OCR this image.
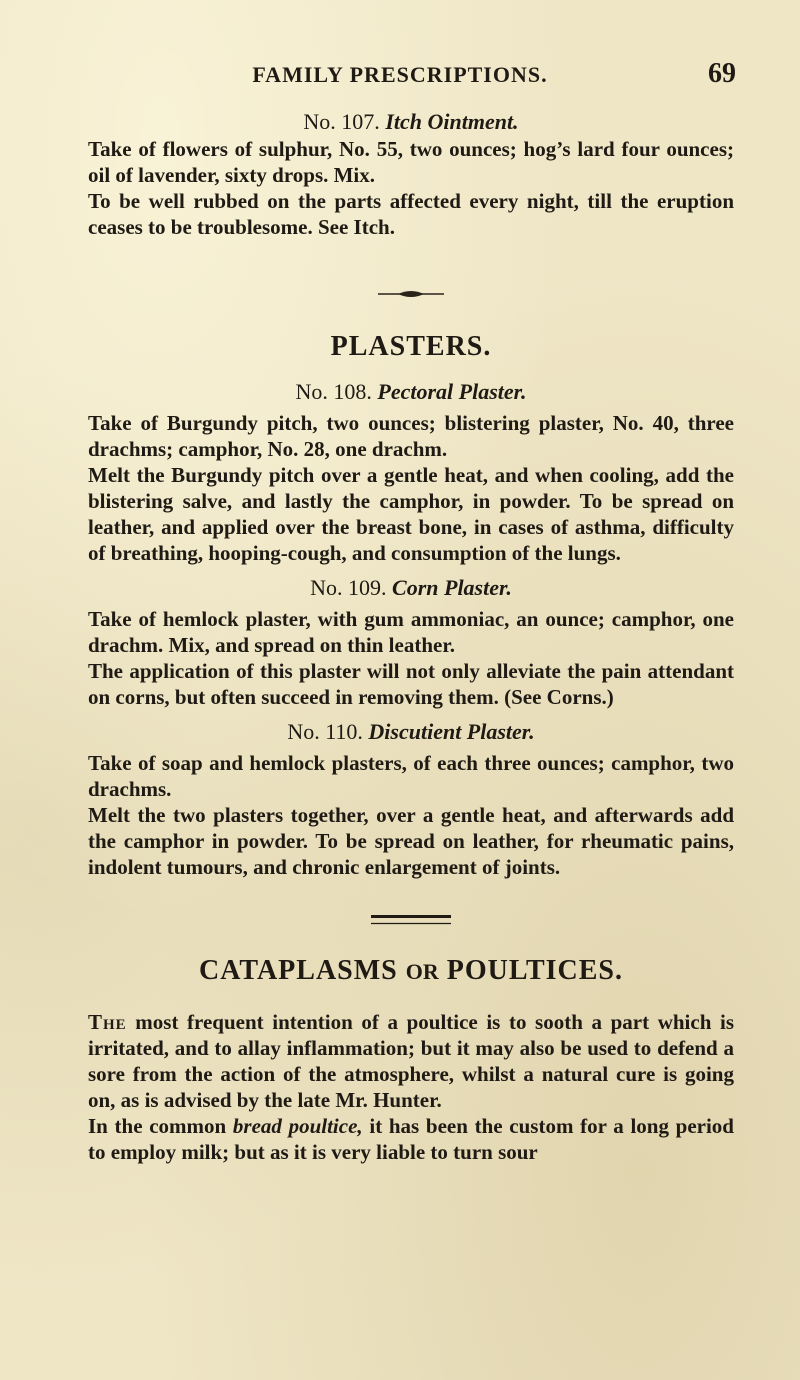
FAMILY PRESCRIPTIONS.	69
No. 107. Itch Ointment.

Take of flowers of sulphur, No. 55, two ounces; hog’s lard four ounces; oil of lavender, sixty drops. Mix.

To be well rubbed on the parts affected every night, till the eruption ceases to be troublesome. See Itch.

PLASTERS.
No. 108. Pectoral Plaster.

Take of Burgundy pitch, two ounces; blistering plaster, No. 40, three drachms; camphor, No. 28, one drachm.

Melt the Burgundy pitch over a gentle heat, and when cooling, add the blistering salve, and lastly the camphor, in powder. To be spread on leather, and applied over the breast bone, in cases of asthma, difficulty of breathing, hooping-cough, and consumption of the lungs.

No. 109. Corn Plaster.

Take of hemlock plaster, with gum ammoniac, an ounce; camphor, one drachm. Mix, and spread on thin leather.

The application of this plaster will not only alleviate the pain attendant on corns, but often succeed in removing them. (See Corns.)

No. 110. Discutient Plaster.

Take of soap and hemlock plasters, of each three ounces; camphor, two drachms.

Melt the two plasters together, over a gentle heat, and afterwards add the camphor in powder. To be spread on leather, for rheumatic pains, indolent tumours, and chronic enlargement of joints.

CATAPLASMS OR POULTICES.

The most frequent intention of a poultice is to sooth a part which is irritated, and to allay inflammation; but it may also be used to defend a sore from the action of the atmosphere, whilst a natural cure is going on, as is advised by the late Mr. Hunter.

In the common bread poultice, it has been the custom for a long period to employ milk; but as it is very liable to turn sour
